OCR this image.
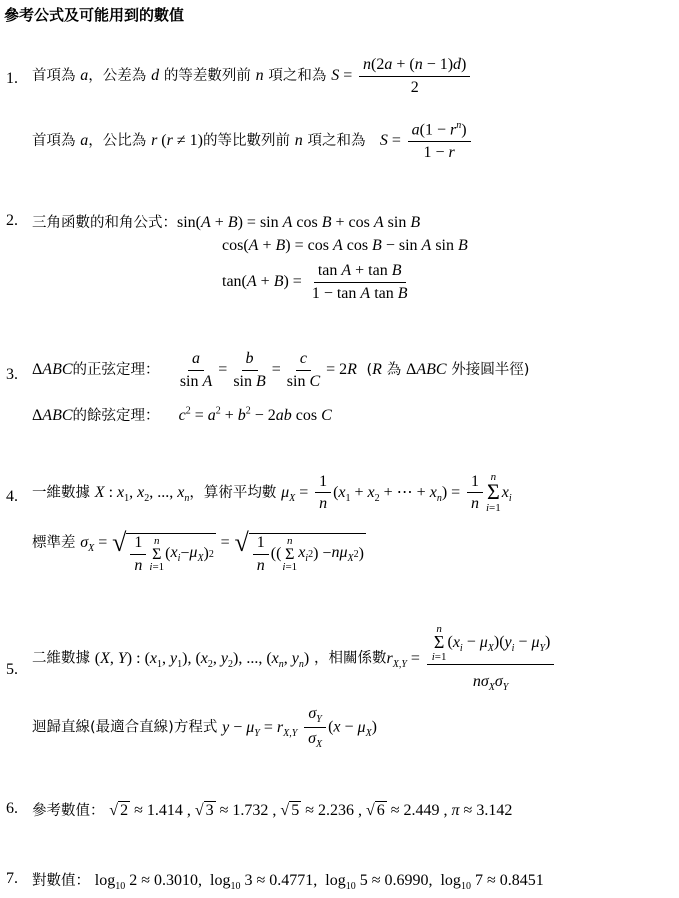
參考公式及可能用到的數值
1. 首項為 a，公差為 d 的等差數列前 n 項之和為 $S = \frac{n(2a + (n - 1)d)}{2}$
首項為 a，公比為 r (r ≠ 1)的等比數列前 n 項之和為 $S = \frac{a(1 - r^n)}{1 - r}$
2. 三角函數的和角公式：sin(A + B) = sin A cos B + cos A sin B
cos(A + B) = cos A cos B − sin A sin B
$\tan(A + B) = \frac{\text{tan A + tan B}}{\text{1 − tan A tan B}}$
3. ΔABC的正弦定理： $\frac{a}{\text{sin A}} = \frac{b}{\text{sin B}} = \frac{c}{\text{sin C}} = 2R$ (R 為 ΔABC 外接圓半徑)
ΔABC的餘弦定理： $c^2 = a^2 + b^2 - 2ab$ cos C
4. 一維數據 X : $x_1$, $x_2$, ..., $x_n$，算術平均數 $\mu_X = \frac{1}{n} (x_1 + x_2$ + ⋯ + $x_n) = \frac{1}{n}$ n
Σ
i=1
$x_i$
標準差 $\sigma_X$ = √ $\frac{1}{n}$ n
Σ
i=1
( $x_i - \mu_X$ ) 2
= √ $\frac{1}{n}$ ((
n
Σ
i=1
$x_i$ 2 ) − $n\mu_X$ 2 )
5.
二維數據 (X, Y) : ($x_1$, $y_1$), ($x_2$, $y_2$), ..., ($x_n$, $y_n$) ，相關係數$r_{X,Y} = n$
Σ
i=1
$(x_i - \mu_X)(y_i - \mu_Y)$
$n\sigma_X\sigma_Y$
迴歸直線(最適合直線)方程式 $y - \mu_Y = r_{X,Y} \frac{\sigma_Y}{\sigma_X} (x - \mu_X)$
6. 參考數值： √ 2 ≈ 1.414 , √ 3 ≈ 1.732 , √ 5 ≈ 2.236 , √ 6 ≈ 2.449 , π ≈ 3.142
7. 對數值： $\log_{10} 2 \approx 0.3010$,  $\log_{10} 3 \approx 0.4771$,  $\log_{10} 5 \approx 0.6990$,  $\log_{10} 7 \approx 0.8451$
